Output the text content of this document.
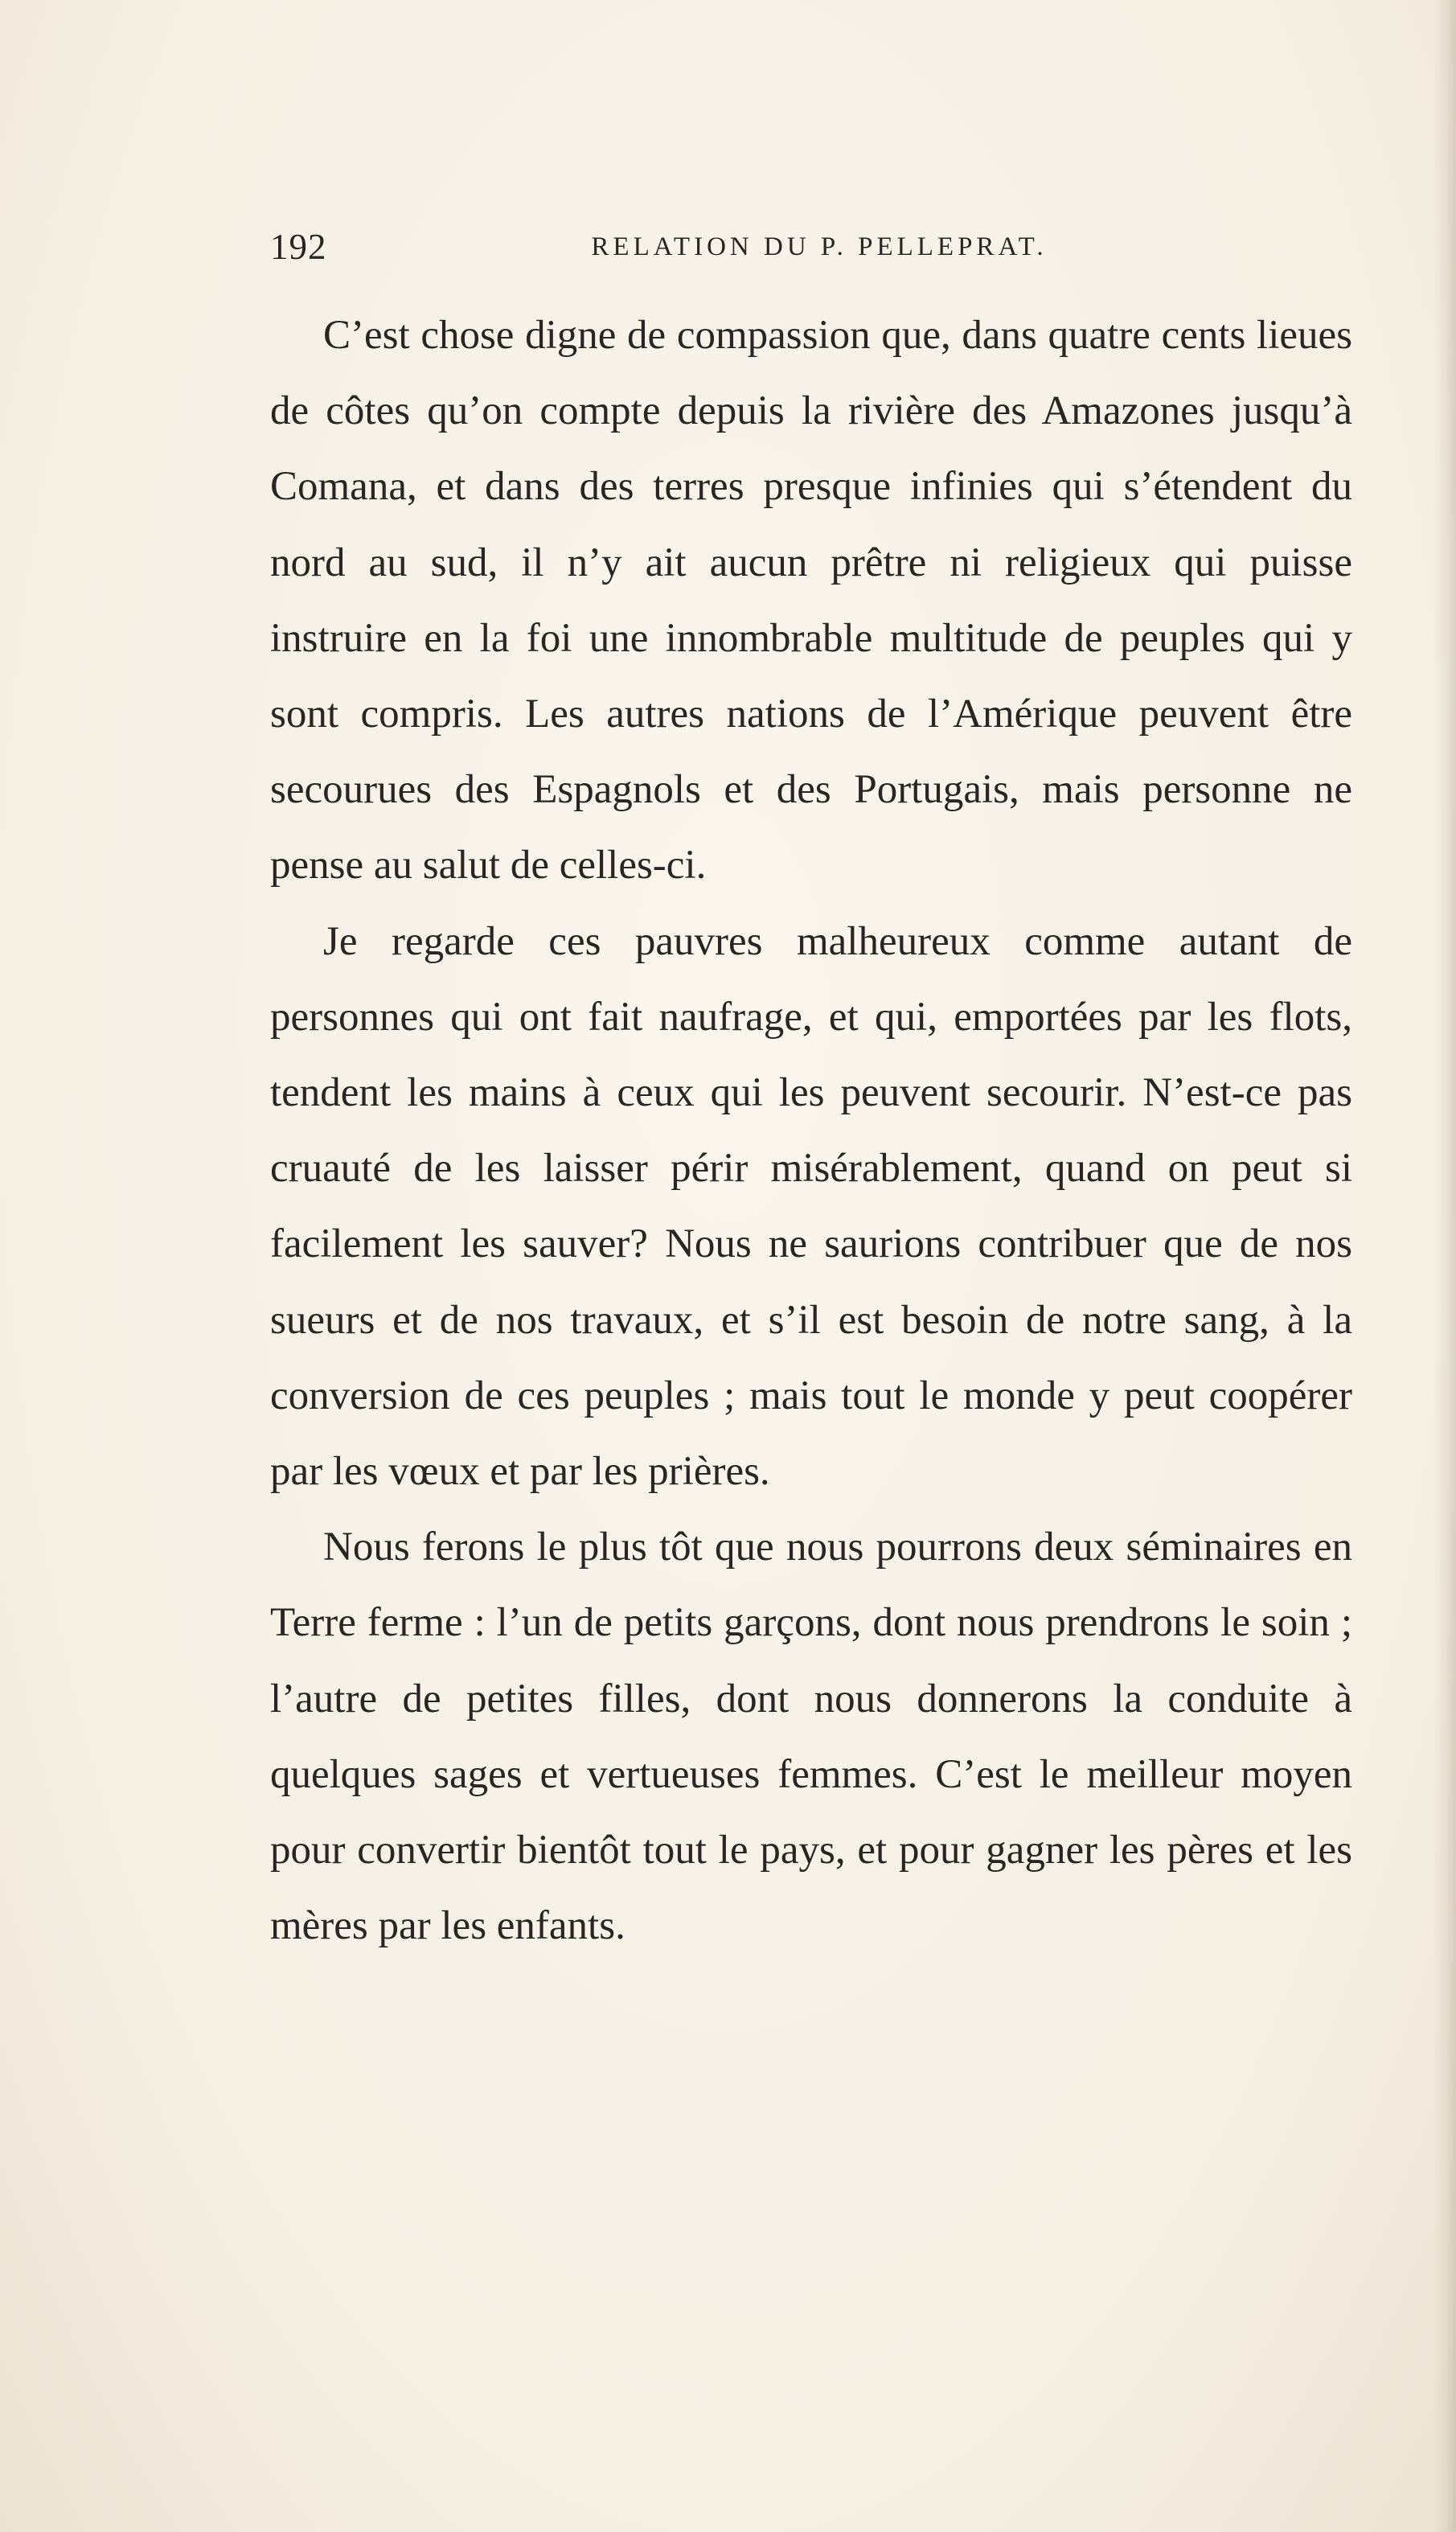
192	RELATION DU P. PELLEPRAT.

C’est chose digne de compassion que, dans quatre cents lieues de côtes qu’on compte depuis la rivière des Amazones jusqu’à Comana, et dans des terres presque infinies qui s’étendent du nord au sud, il n’y ait aucun prêtre ni religieux qui puisse instruire en la foi une innombrable multitude de peuples qui y sont compris. Les autres nations de l’Amérique peuvent être secourues des Espagnols et des Portugais, mais personne ne pense au salut de celles-ci.

Je regarde ces pauvres malheureux comme autant de personnes qui ont fait naufrage, et qui, emportées par les flots, tendent les mains à ceux qui les peuvent secourir. N’est-ce pas cruauté de les laisser périr misérablement, quand on peut si facilement les sauver? Nous ne saurions contribuer que de nos sueurs et de nos travaux, et s’il est besoin de notre sang, à la conversion de ces peuples ; mais tout le monde y peut coopérer par les vœux et par les prières.

Nous ferons le plus tôt que nous pourrons deux séminaires en Terre ferme : l’un de petits garçons, dont nous prendrons le soin ; l’autre de petites filles, dont nous donnerons la conduite à quelques sages et vertueuses femmes. C’est le meilleur moyen pour convertir bientôt tout le pays, et pour gagner les pères et les mères par les enfants.
